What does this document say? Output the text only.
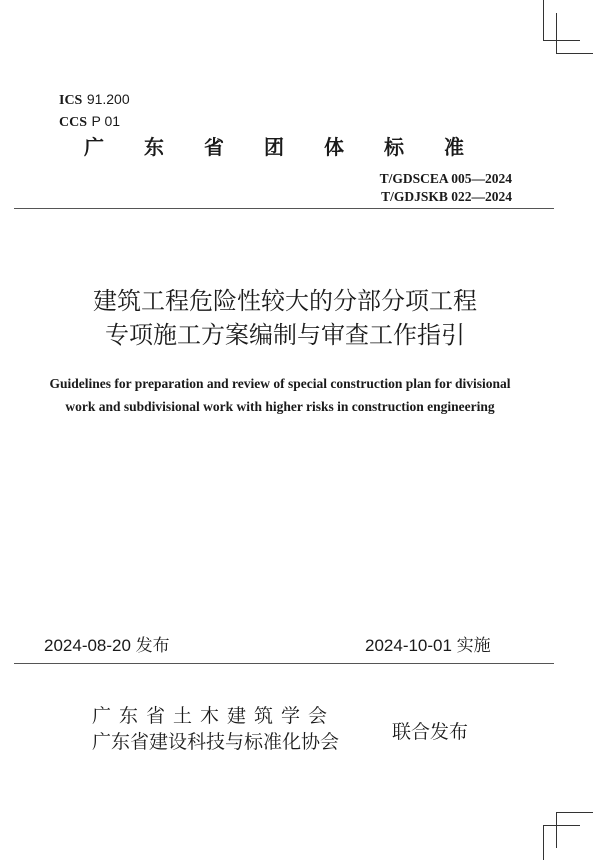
ICS 91.200
CCS P 01
广 东 省 团 体 标 准
T/GDSCEA 005—2024
T/GDJSKB 022—2024
建筑工程危险性较大的分部分项工程
专项施工方案编制与审查工作指引
Guidelines for preparation and review of special construction plan for divisional
work and subdivisional work with higher risks in construction engineering
2024-08-20 发布	2024-10-01 实施
广东省土木建筑学会
广东省建设科技与标准化协会	联合发布
